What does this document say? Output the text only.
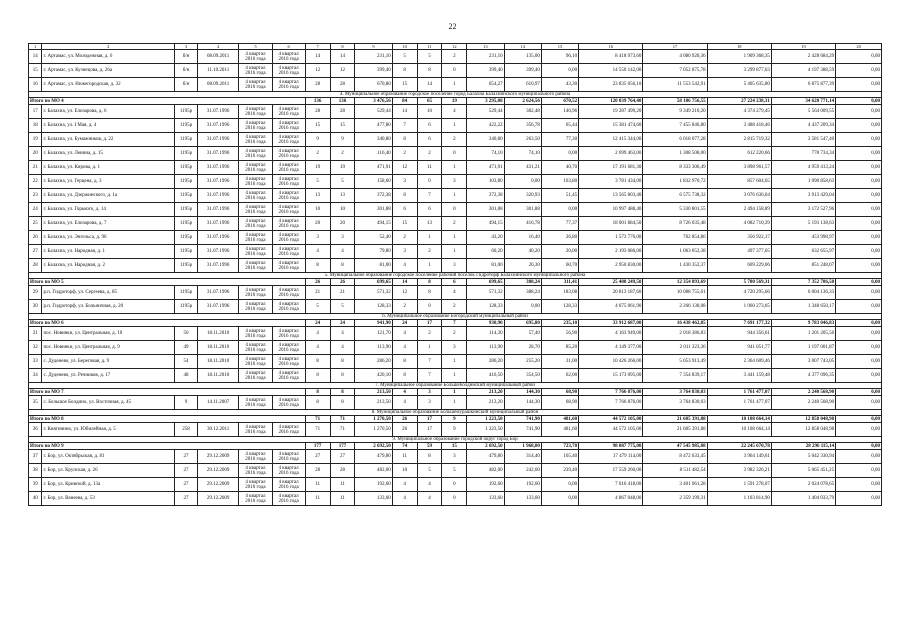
22
1	2	3	4	5	6	7	8	9	10	11	12	13	14	15	16	17	18	19	20
14	г. Артамас, ул. Молодежная, д. 6	б/н	08.09.2011	4 квартал 2016 года	4 квартал 2016 года	14	14	231,10	5	5	2	231,10	135,00	96,10	8 418 973,60	4 080 920,36	1 909 368,35	2 428 684,29	0,00
15	г. Артамас, ул. Кузнецова, д. 26а	б/н	11.10.2011	4 квартал 2016 года	4 квартал 2016 года	12	12	399,40	8	8	0	399,40	399,40	0,00	14 550 142,00	7 052 875,78	3 299 877,63	4 197 388,59	0,00
16	г. Артамас, ул. Нижегородская, д. 32	б/н	08.09.2011	4 квартал 2016 года	4 квартал 2016 года	28	28	670,80	15	14	1	654,27	610,97	43,30	23 835 056,10	11 553 542,91	5 405 635,80	6 875 877,39	0,00
4. Муниципальное образование городское поселение город Балахна Балахнинского муниципального района																			
Итого по МО 4						136	136	3 476,56	84	65	19	3 295,08	2 624,56	670,52	120 039 764,40	58 186 756,55	27 224 238,31	34 628 771,14	0,00
17	г. Балахна, ул. Елизарова, д. 6	1195р	31.07.1996	4 квартал 2016 года	4 квартал 2016 года	28	28	529,44	14	10	4	529,44	382,48	146,96	19 287 499,20	9 349 210,20	4 374 279,45	5 564 009,55	0,00
18	г. Балахна, ул. I Мая, д. 4	1195р	31.07.1996	4 квартал 2016 года	4 квартал 2016 года	15	15	477,80	7	6	1	422,22	356,78	65,44	15 381 474,60	7 455 846,80	3 488 418,46	4 437 209,34	0,00
19	г. Балахна, ул. Бумажников, д. 22	1195р	31.07.1996	4 квартал 2016 года	4 квартал 2016 года	9	9	340,80	8	6	2	340,80	263,50	77,30	12 415 344,00	6 018 077,28	2 815 719,32	3 581 547,40	0,00
20	г. Балахна, ул. Ленина, д. 15	1195р	31.07.1996	4 квартал 2016 года	4 квартал 2016 года	2	2	116,40	2	2	0	74,10	74,10	0,00	2 699 463,00	1 308 508,00	612 220,66	778 734,34	0,00
21	г. Балахна, ул. Кирова, д. 1	1195р	31.07.1996	4 квартал 2016 года	4 квартал 2016 года	19	19	471,91	12	11	1	471,91	431,21	40,70	17 191 681,30	8 333 306,49	3 898 961,57	4 959 413,24	0,00
22	г. Балахна, ул. Герцена, д. 3	1195р	31.07.1996	4 квартал 2016 года	4 квартал 2016 года	5	5	158,60	3	0	3	103,80	0,00	103,80	3 781 434,00	1 832 970,72	857 604,65	1 090 858,63	0,00
23	г. Балахна, ул. Дзержинского, д. 1а	1195р	31.07.1996	4 квартал 2016 года	4 квартал 2016 года	13	13	372,38	8	7	1	372,38	320,93	51,45	13 565 803,40	6 575 738,32	3 076 636,04	3 913 429,04	0,00
24	г. Балахна, ул. Горького, д. 14	1195р	31.07.1996	4 квартал 2016 года	4 квартал 2016 года	10	10	301,88	6	6	0	301,88	301,88	0,00	10 997 488,40	5 330 801,55	2 494 158,89	3 172 527,96	0,00
25	г. Балахна, ул. Елизарова, д. 7	1195р	31.07.1996	4 квартал 2016 года	4 квартал 2016 года	20	20	494,15	15	13	2	494,15	416,78	77,37	18 001 884,50	8 726 035,48	4 082 710,39	5 193 138,63	0,00
26	г. Балахна, ул. Энгельса, д. 96	1195р	31.07.1996	4 квартал 2016 года	4 квартал 2016 года	3	3	52,40	2	1	1	43,20	16,40	26,80	1 573 776,00	762 854,86	356 922,17	453 998,97	0,00
27	г. Балахна, ул. Народная, д. 1	1195р	31.07.1996	4 квартал 2016 года	4 квартал 2016 года	4	4	79,80	3	2	1	60,20	40,20	20,00	2 193 086,00	1 063 052,38	497 377,65	632 655,97	0,00
28	г. Балахна, ул. Народная, д. 2	1195р	31.07.1996	4 квартал 2016 года	4 квартал 2016 года	8	8	81,00	4	1	3	81,00	20,30	60,70	2 950 830,00	1 430 352,37	669 229,06	851 248,07	0,00
5. Муниципальное образование городское поселение рабочий поселок Гидроторф Балахнинского муниципального района																			
Итого по МО 5						26	26	699,65	14	8	6	699,65	388,24	311,41	25 488 249,50	12 354 893,69	5 780 569,31	7 352 786,50	0,00
29	р.п. Гидроторф, ул. Сергеева, д. 85	1195р	31.07.1996	4 квартал 2016 года	4 квартал 2016 года	21	21	571,32	12	8	4	571,32	388,24	183,08	20 813 187,60	10 088 755,61	4 720 295,66	6 004 136,33	0,00
30	р.п. Гидроторф, ул. Больничная, д. 20	1195р	31.07.1996	4 квартал 2016 года	4 квартал 2016 года	5	5	128,33	2	0	2	128,33	0,00	128,33	4 675 061,90	2 266 138,08	1 060 273,65	1 348 650,17	0,00
6. Муниципальное образование Богородский муниципальный район																			
Итого по МО 6						24	24	941,90	24	17	7	930,90	695,80	235,10	33 912 687,00	16 438 462,85	7 691 177,32	9 783 046,83	0,00
31	пос. Новинки, ул. Центральная, д. 10	50	18.11.2010	4 квартал 2016 года	4 квартал 2016 года	4	4	121,70	4	2	2	114,30	57,40	56,90	4 163 949,00	2 018 386,83	944 356,61	1 201 205,56	0,00
32	пос. Новинки, ул. Центральная, д. 9	49	18.11.2010	4 квартал 2016 года	4 квартал 2016 года	4	4	113,90	4	1	3	113,90	28,70	85,20	4 149 377,00	2 011 323,36	941 051,77	1 197 001,87	0,00
33	с. Дуденево, ул. Береговая, д. 9	54	18.11.2010	4 квартал 2016 года	4 квартал 2016 года	8	8	286,20	8	7	1	286,20	255,20	31,00	10 426 266,00	5 053 913,49	2 364 609,46	3 007 743,05	0,00
34	с. Дуденево, ул. Речников, д. 17	48	18.11.2010	4 квартал 2016 года	4 квартал 2016 года	8	8	420,10	8	7	1	416,50	354,50	62,00	15 173 095,00	7 354 839,17	3 441 159,48	4 377 096,35	0,00
7. Муниципальное образование Большеболдинский муниципальный район																			
Итого по МО 7						8	8	213,50	4	3	1	213,20	144,30	68,90	7 766 876,00	3 764 830,03	1 761 477,07	2 240 568,90	0,00
35	с. Большое Болдино, ул. Восточная, д. 45	9	14.11.2007	4 квартал 2016 года	4 квартал 2016 года	8	8	213,50	4	3	1	213,20	144,30	68,90	7 766 876,00	3 764 830,03	1 761 477,07	2 240 568,90	0,00
8. Муниципальное образование Большемурашкинский муниципальный район																			
Итого по МО 8						71	71	1 270,50	26	17	9	1 223,50	741,90	481,60	44 572 105,00	21 605 391,88	10 108 664,14	12 858 048,98	0,00
36	г. Княгинино, ул. Юбилейная, д. 5	258	30.12.2011	4 квартал 2016 года	4 квартал 2016 года	71	71	1 270,50	26	17	9	1 223,50	741,90	481,60	44 572 105,00	21 605 391,88	10 108 664,14	12 858 048,98	0,00
9. Муниципальное образование городской округ город Бор																			
Итого по МО 9						177	177	2 692,50	74	59	15	2 692,50	1 968,80	723,70	98 087 775,00	47 545 985,08	22 245 670,78	28 296 115,14	0,00
37	г. Бор, ул. Октябрьская, д. 81	27	29.12.2009	4 квартал 2016 года	4 квартал 2016 года	27	27	479,80	11	8	3	479,80	314,40	165,40	17 479 114,00	8 472 633,45	3 964 149,61	5 042 330,94	0,00
38	г. Бор, ул. Крупская, д. 26	27	29.12.2009	4 квартал 2016 года	4 квартал 2016 года	28	28	482,00	10	5	5	482,00	242,60	239,40	17 559 260,00	8 511 482,54	3 982 326,21	5 065 451,25	0,00
39	г. Бор, ул. Кривской, д. 13а	27	29.12.2009	4 квартал 2016 года	4 квартал 2016 года	11	11	192,60	4	4	0	192,60	192,60	0,00	7 016 418,00	3 401 061,28	1 591 278,07	2 024 078,65	0,00
40	г. Бор, ул. Ванеева, д. 53	27	29.12.2009	4 квартал 2016 года	4 квартал 2016 года	11	11	133,60	4	4	0	133,60	133,60	0,00	4 867 048,00	2 359 199,31	1 103 814,90	1 404 033,79	0,00
